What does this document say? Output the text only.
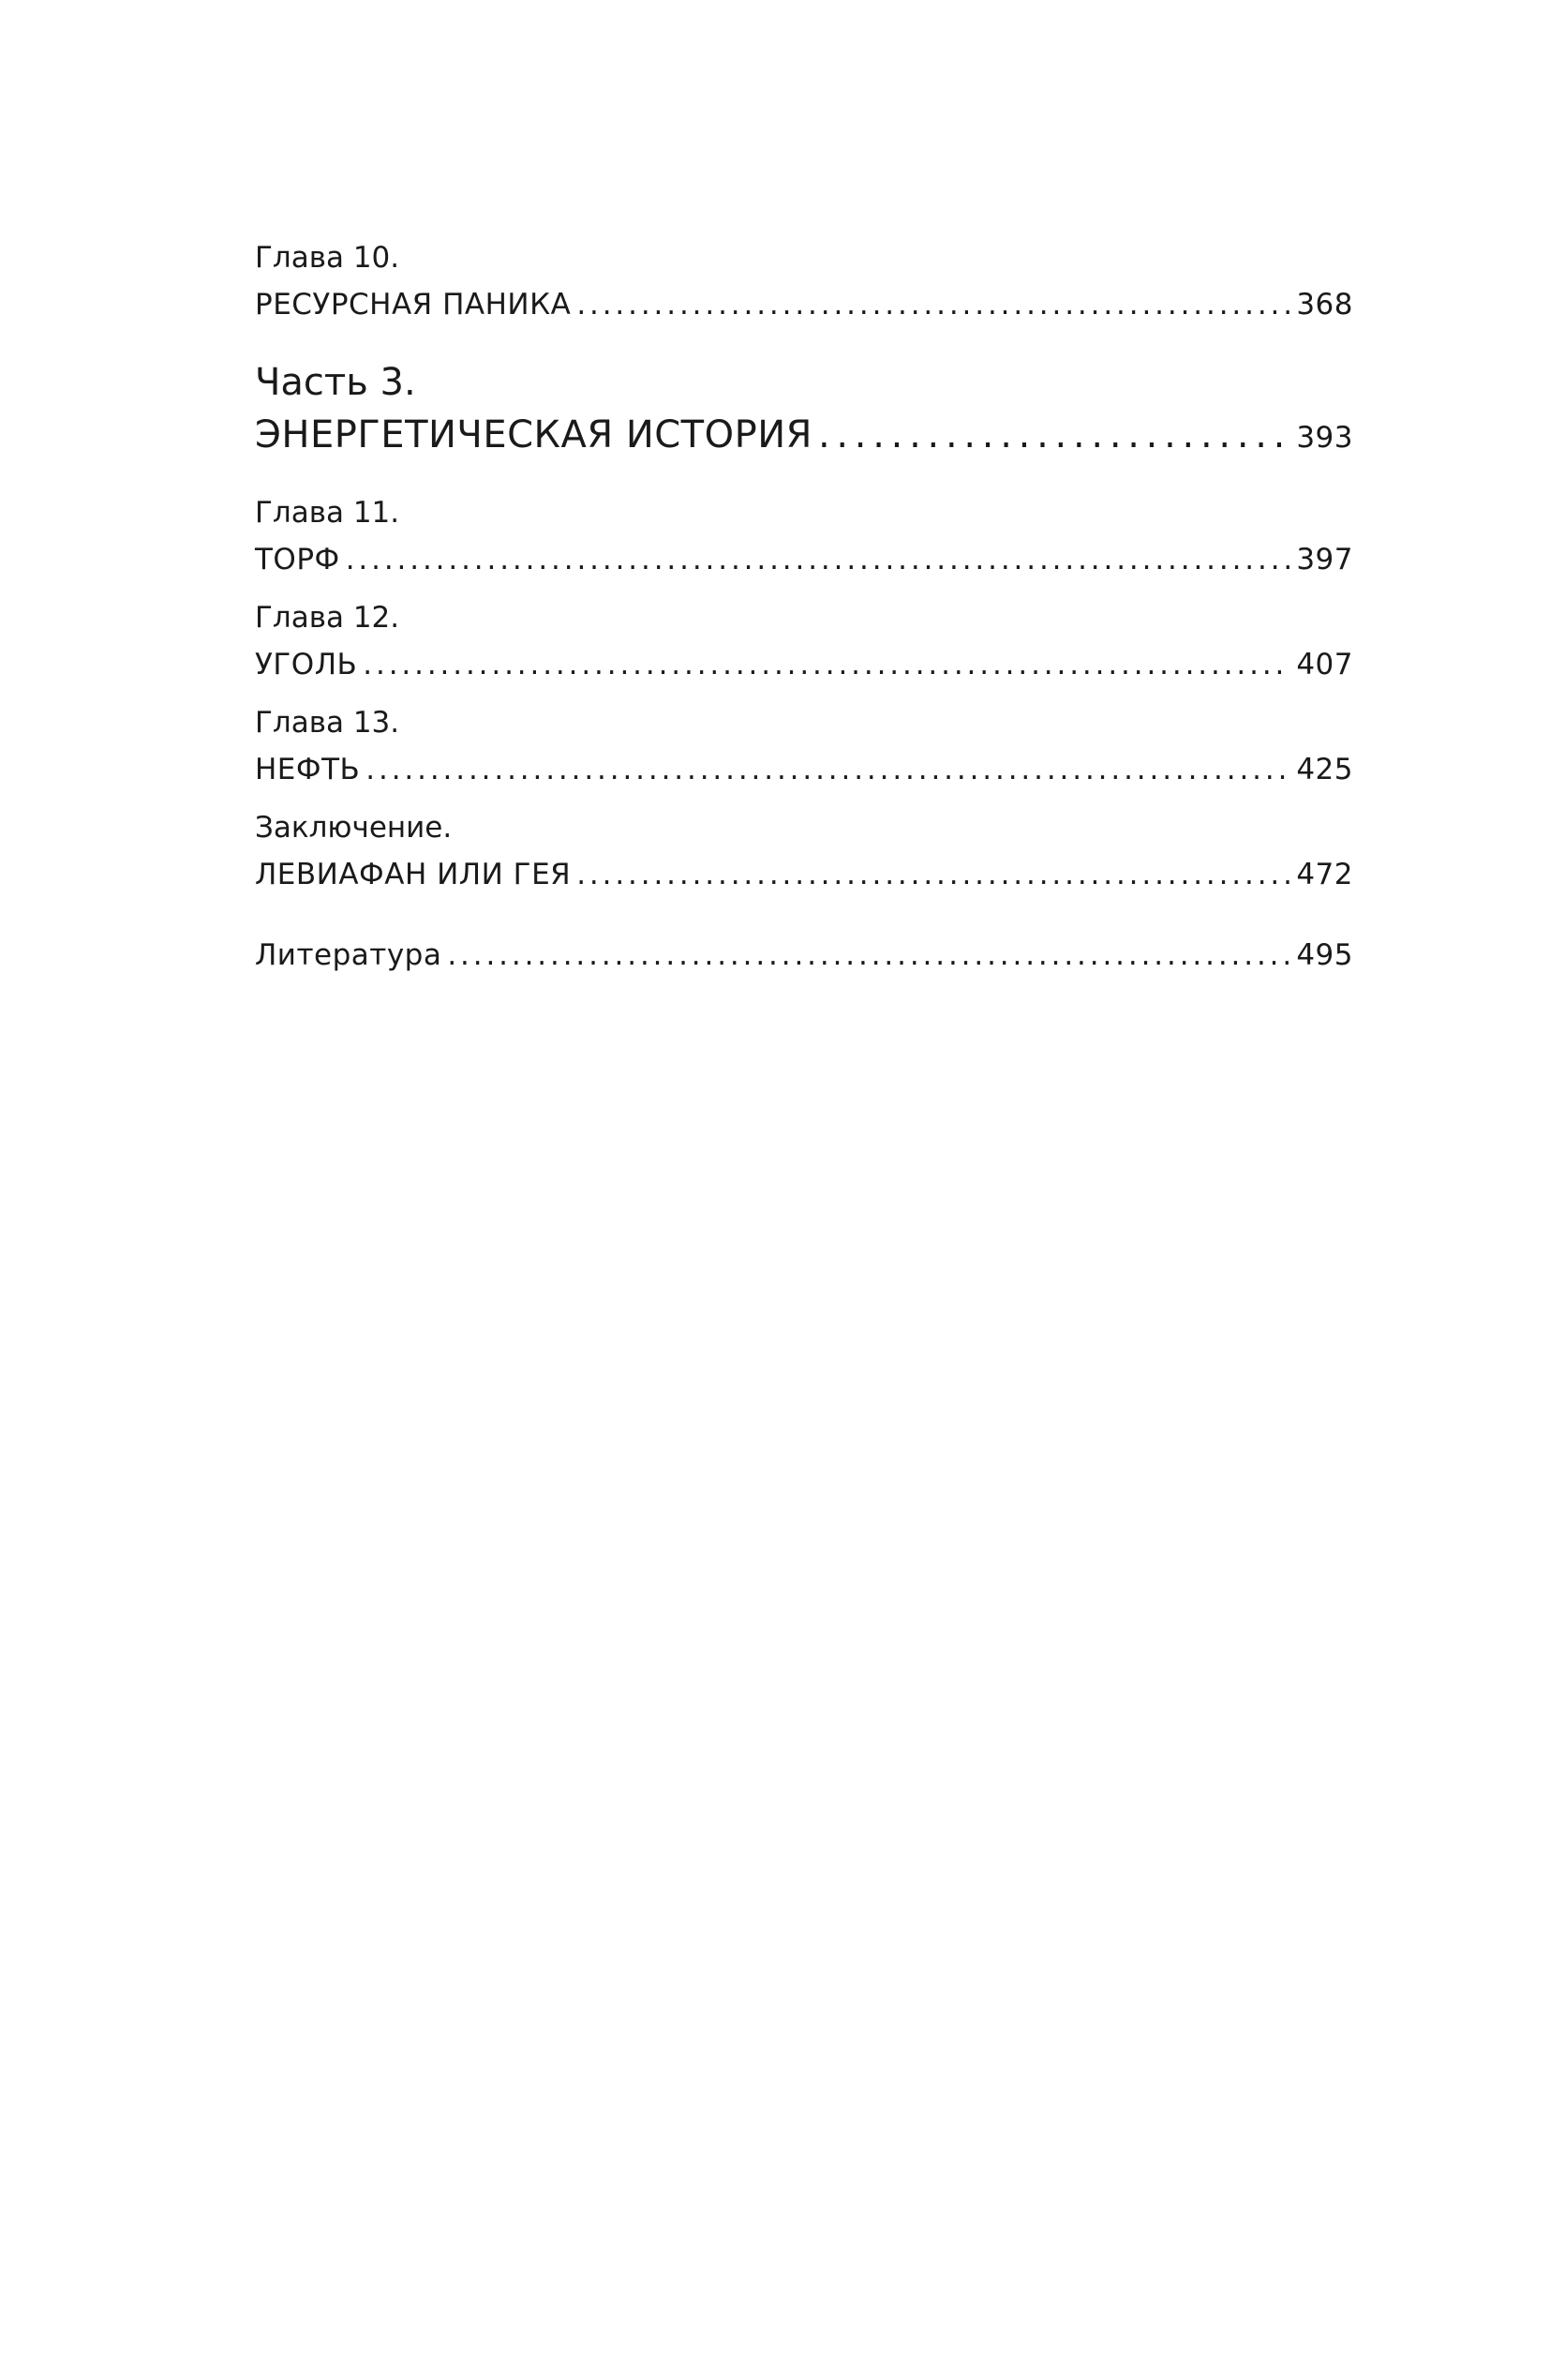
Глава 10.
РЕСУРСНАЯ ПАНИКА . . .	368
Часть 3.
ЭНЕРГЕТИЧЕСКАЯ ИСТОРИЯ . . .	393
Глава 11.
ТОРФ . . .	397
Глава 12.
УГОЛЬ . . .	407
Глава 13.
НЕФТЬ . . .	425
Заключение.
ЛЕВИАФАН ИЛИ ГЕЯ . . .	472
Литература . . .	495
